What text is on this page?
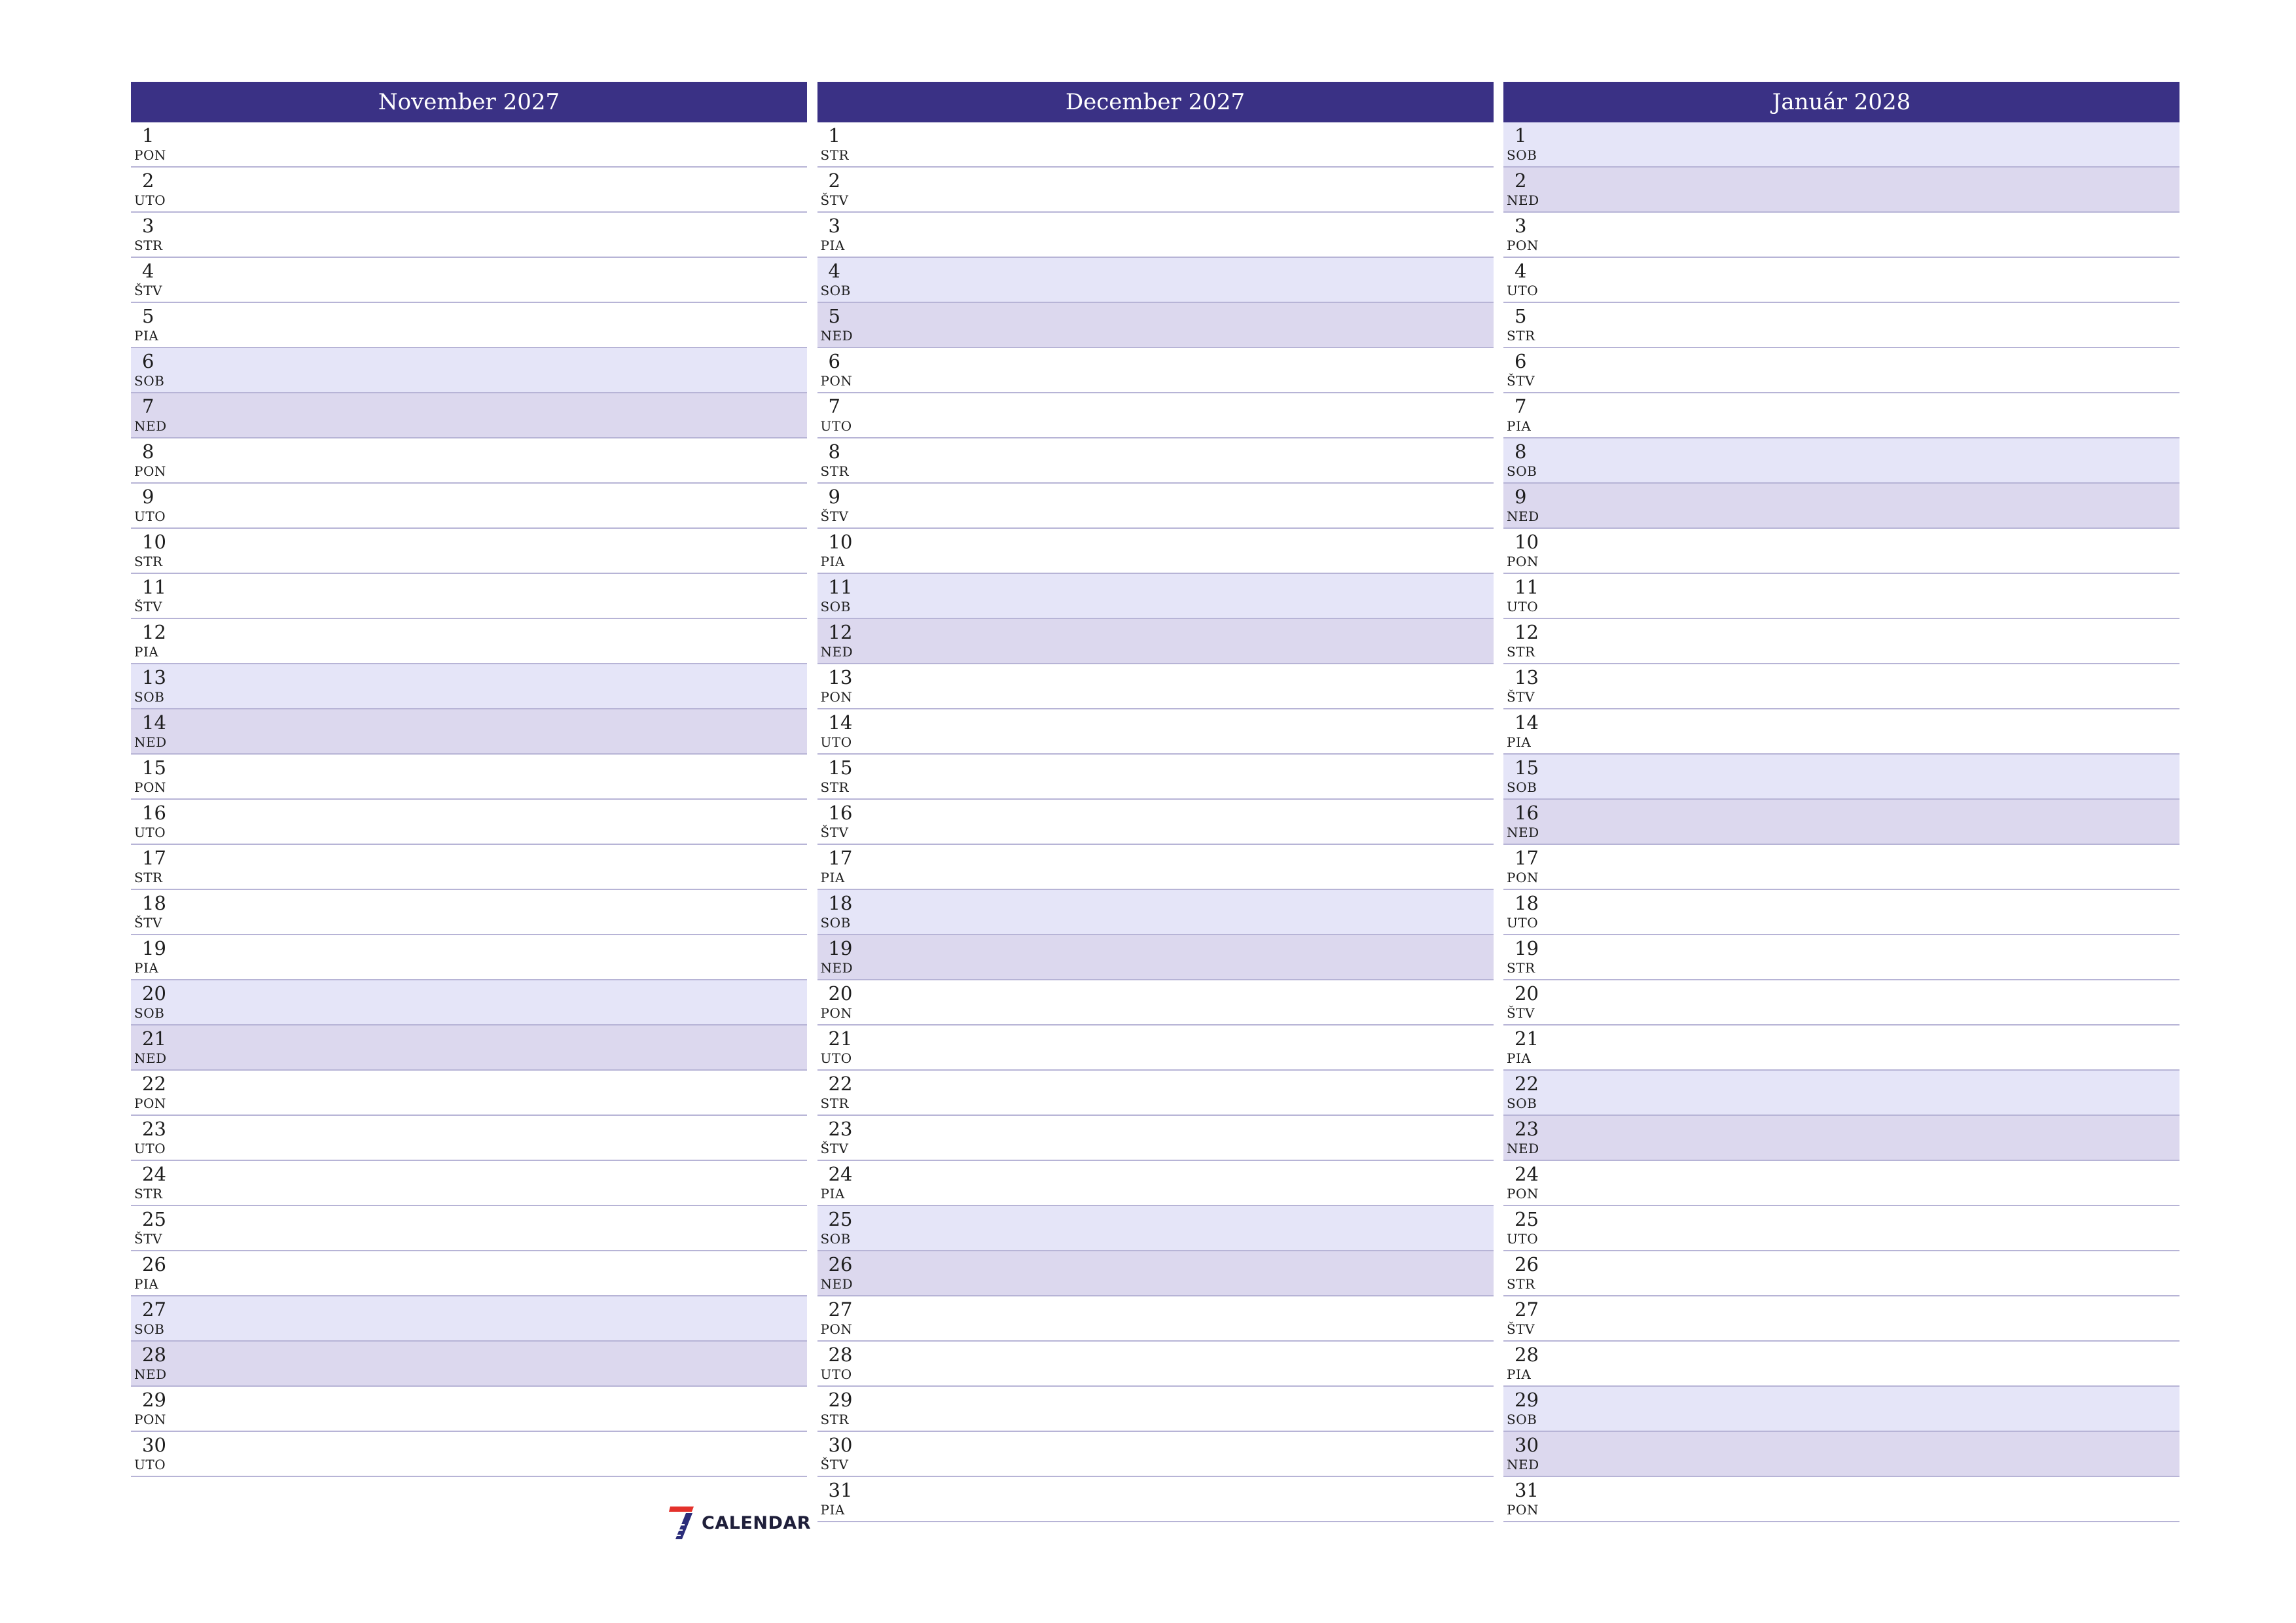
November 2027
1
PON
2
UTO
3
STR
4
ŠTV
5
PIA
6
SOB
7
NED
8
PON
9
UTO
10
STR
11
ŠTV
12
PIA
13
SOB
14
NED
15
PON
16
UTO
17
STR
18
ŠTV
19
PIA
20
SOB
21
NED
22
PON
23
UTO
24
STR
25
ŠTV
26
PIA
27
SOB
28
NED
29
PON
30
UTO
December 2027
1
STR
2
ŠTV
3
PIA
4
SOB
5
NED
6
PON
7
UTO
8
STR
9
ŠTV
10
PIA
11
SOB
12
NED
13
PON
14
UTO
15
STR
16
ŠTV
17
PIA
18
SOB
19
NED
20
PON
21
UTO
22
STR
23
ŠTV
24
PIA
25
SOB
26
NED
27
PON
28
UTO
29
STR
30
ŠTV
31
PIA
Január 2028
1
SOB
2
NED
3
PON
4
UTO
5
STR
6
ŠTV
7
PIA
8
SOB
9
NED
10
PON
11
UTO
12
STR
13
ŠTV
14
PIA
15
SOB
16
NED
17
PON
18
UTO
19
STR
20
ŠTV
21
PIA
22
SOB
23
NED
24
PON
25
UTO
26
STR
27
ŠTV
28
PIA
29
SOB
30
NED
31
PON
CALENDAR
